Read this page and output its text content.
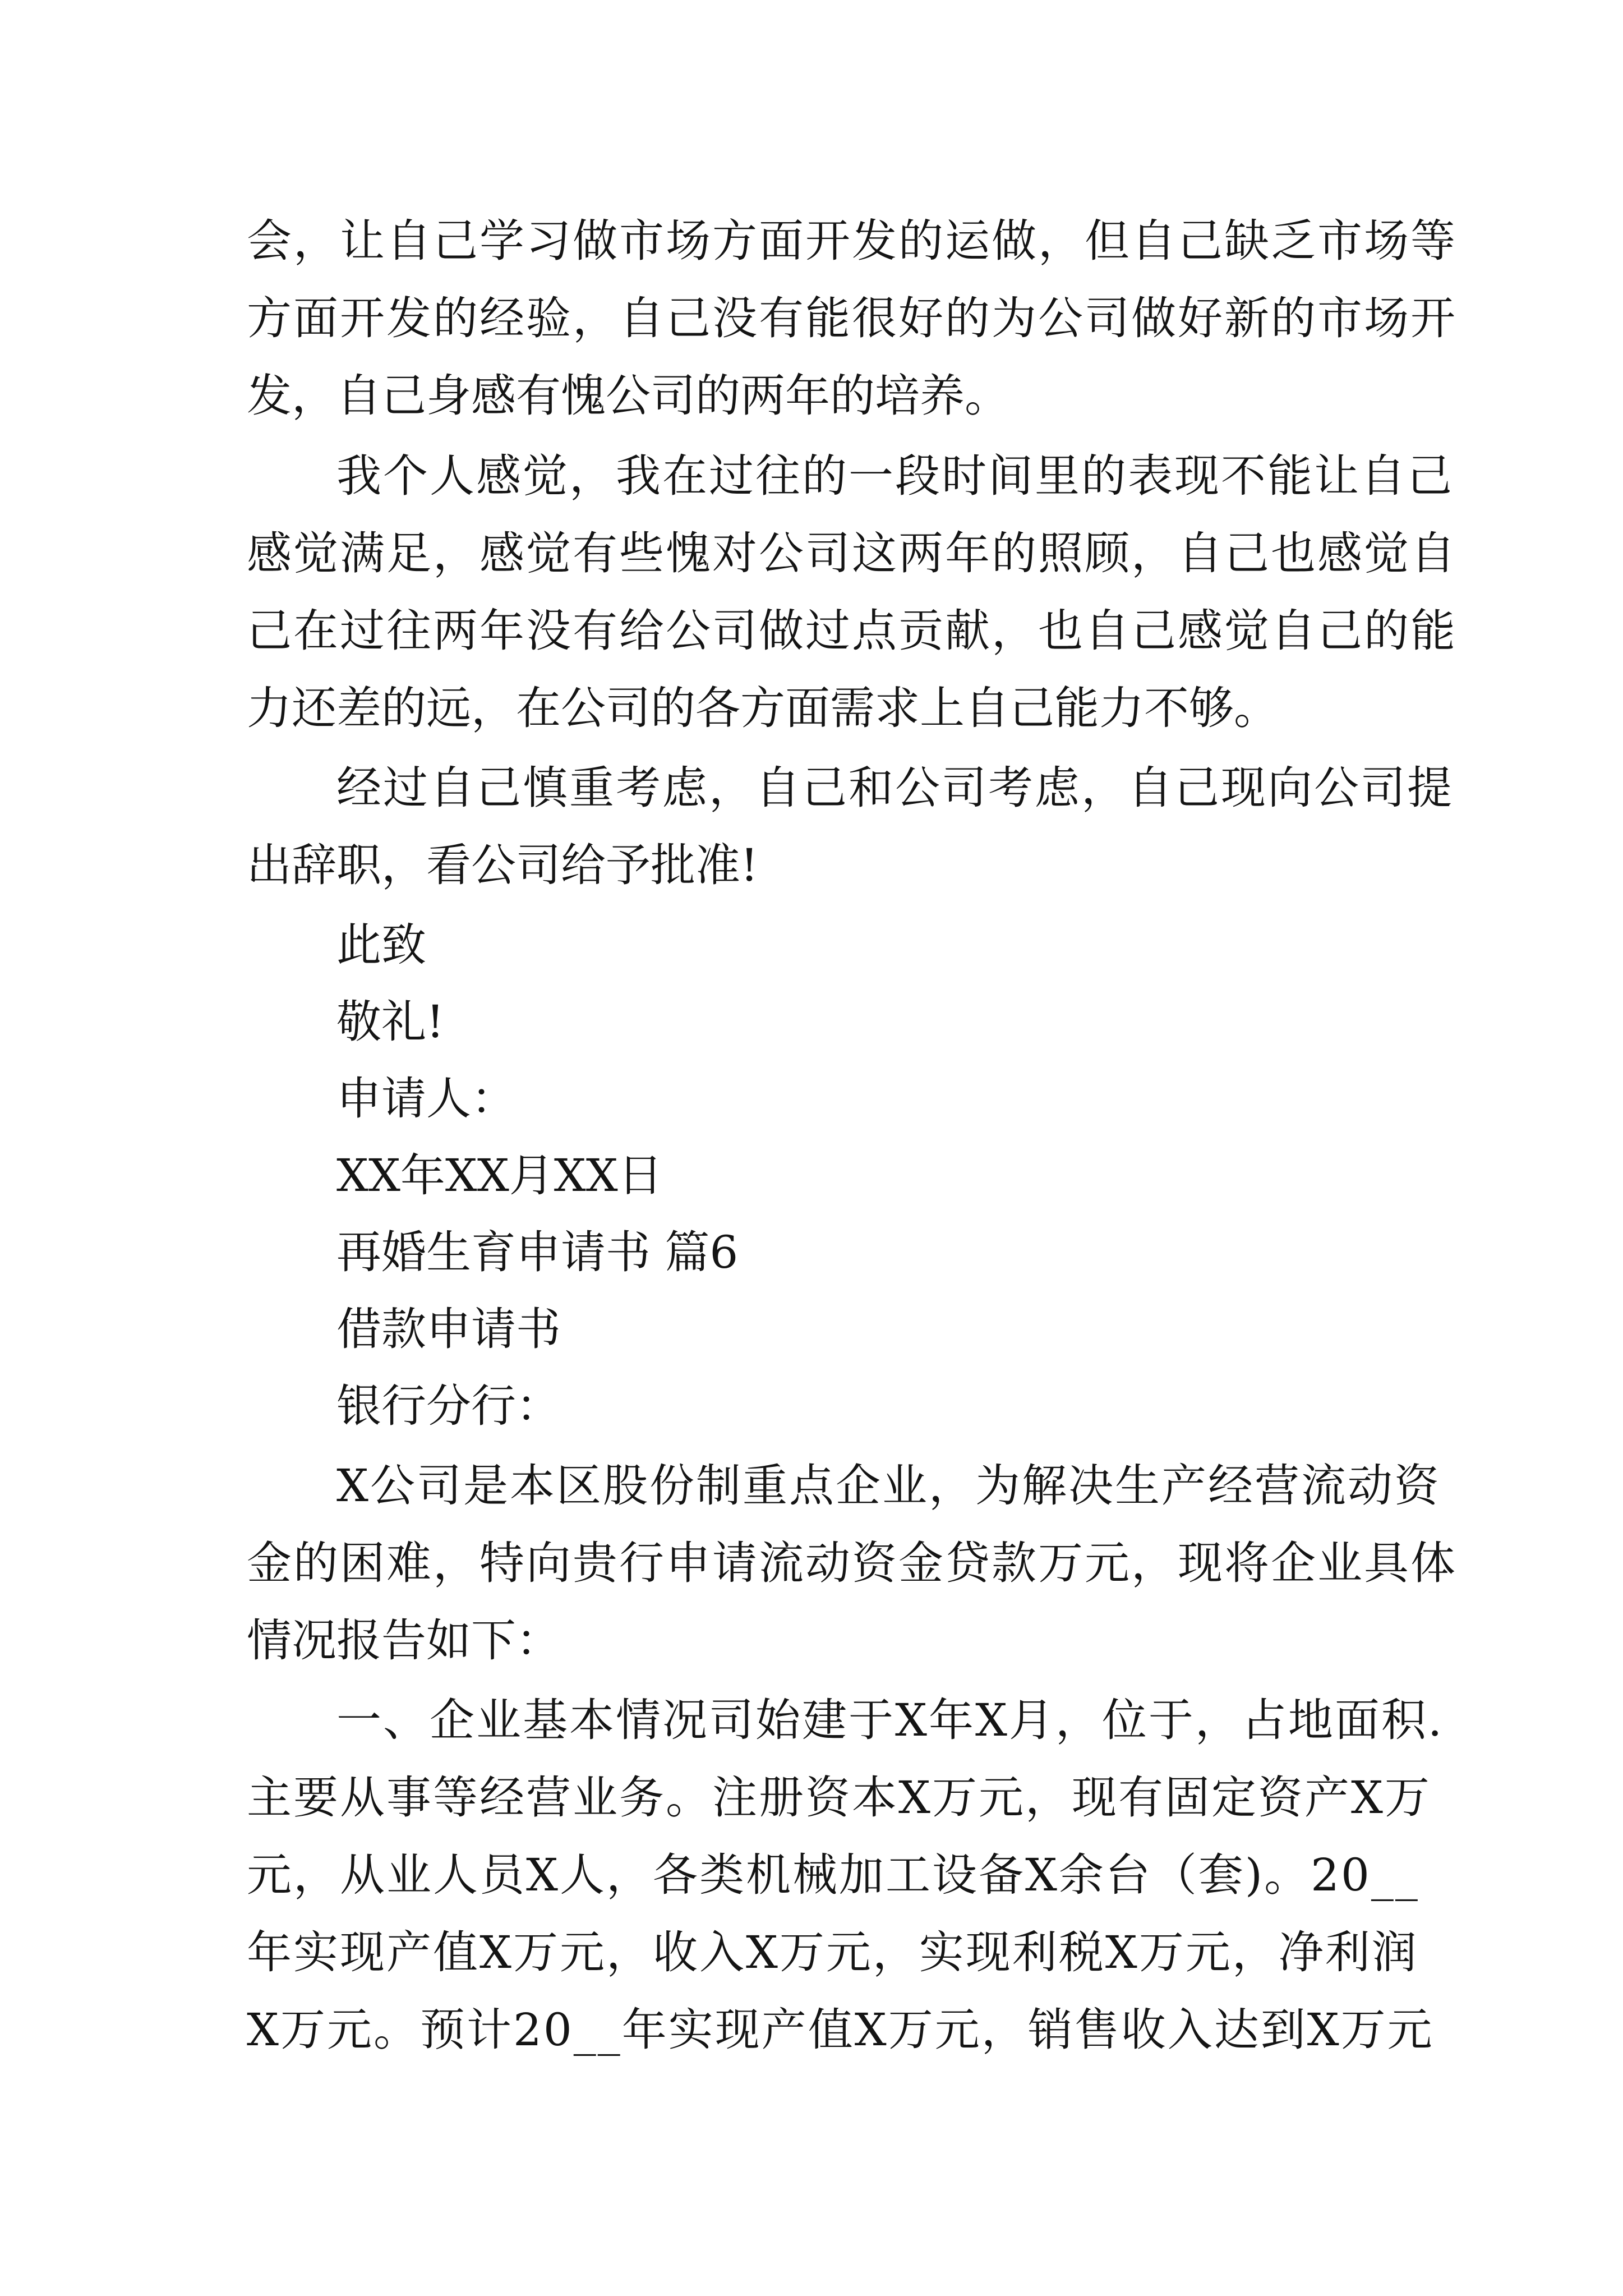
会，让自己学习做市场方面开发的运做，但自己缺乏市场等
方面开发的经验，自己没有能很好的为公司做好新的市场开
发，自己身感有愧公司的两年的培养。
我个人感觉，我在过往的一段时间里的表现不能让自己
感觉满足，感觉有些愧对公司这两年的照顾，自己也感觉自
己在过往两年没有给公司做过点贡献，也自己感觉自己的能
力还差的远，在公司的各方面需求上自己能力不够。
经过自己慎重考虑，自己和公司考虑，自己现向公司提
出辞职，看公司给予批准!
此致
敬礼!
申请人：
XX年XX月XX日
再婚生育申请书 篇6
借款申请书
银行分行：
X公司是本区股份制重点企业，为解决生产经营流动资
金的困难，特向贵行申请流动资金贷款万元，现将企业具体
情况报告如下：
一、企业基本情况司始建于X年X月，位于，占地面积.
主要从事等经营业务。注册资本X万元，现有固定资产X万
元，从业人员X人，各类机械加工设备X余台（套)。20__
年实现产值X万元，收入X万元，实现利税X万元，净利润
X万元。预计20__年实现产值X万元，销售收入达到X万元
